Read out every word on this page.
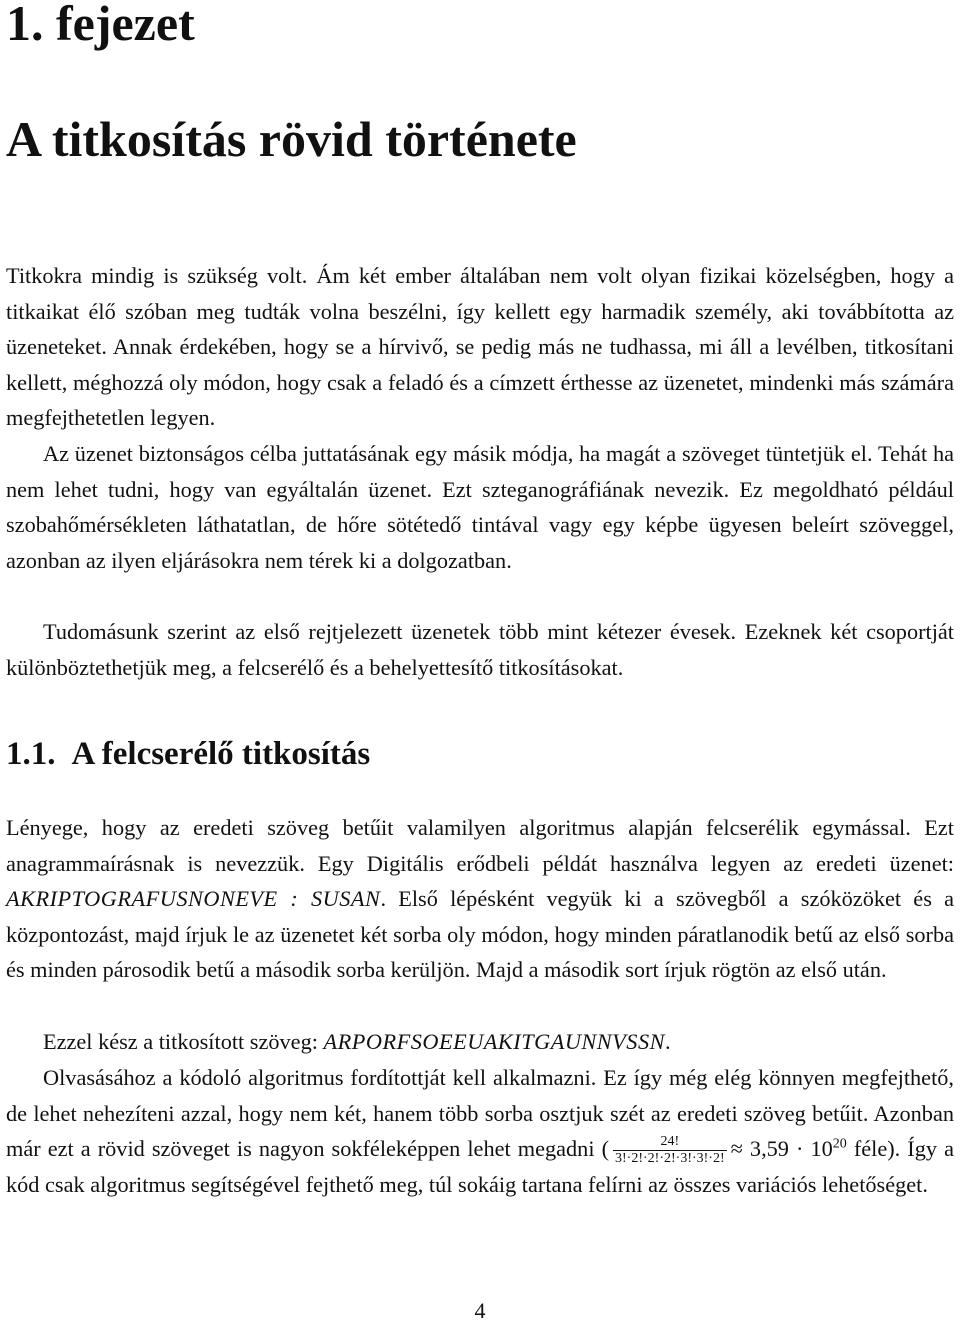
1. fejezet
A titkosítás rövid története

Titkokra mindig is szükség volt. Ám két ember általában nem volt olyan fizikai közelségben, hogy a titkaikat élő szóban meg tudták volna beszélni, így kellett egy harmadik személy, aki továbbította az üzeneteket. Annak érdekében, hogy se a hírvivő, se pedig más ne tudhassa, mi áll a levélben, titkosítani kellett, méghozzá oly módon, hogy csak a feladó és a címzett érthesse az üzenetet, mindenki más számára megfejthetetlen legyen.

Az üzenet biztonságos célba juttatásának egy másik módja, ha magát a szöveget tüntetjük el. Tehát ha nem lehet tudni, hogy van egyáltalán üzenet. Ezt szteganográfiának nevezik. Ez megoldható például szobahőmérsékleten láthatatlan, de hőre sötétedő tintával vagy egy képbe ügyesen beleírt szöveggel, azonban az ilyen eljárásokra nem térek ki a dolgozatban.

Tudomásunk szerint az első rejtjelezett üzenetek több mint kétezer évesek. Ezeknek két csoportját különböztethetjük meg, a felcserélő és a behelyettesítő titkosításokat.

1.1. A felcserélő titkosítás

Lényege, hogy az eredeti szöveg betűit valamilyen algoritmus alapján felcserélik egymással. Ezt anagrammaírásnak is nevezzük. Egy Digitális erődbeli példát használva legyen az eredeti üzenet: AKRIPTOGRAFUSNONEVE : SUSAN. Első lépésként vegyük ki a szövegből a szóközöket és a központozást, majd írjuk le az üzenetet két sorba oly módon, hogy minden páratlanodik betű az első sorba és minden párosodik betű a második sorba kerüljön. Majd a második sort írjuk rögtön az első után.

Ezzel kész a titkosított szöveg: ARPORFSOEEUAKITGAUNNVSSN.

Olvasásához a kódoló algoritmus fordítottját kell alkalmazni. Ez így még elég könnyen megfejthető, de lehet nehezíteni azzal, hogy nem két, hanem több sorba osztjuk szét az eredeti szöveg betűit. Azonban már ezt a rövid szöveget is nagyon sokféleképpen lehet megadni ( $\frac{24!}{3!\cdot 2!\cdot 2!\cdot 2!\cdot 3!\cdot 3!\cdot 2!} \approx 3,59 \cdot 10^{20}$ féle). Így a kód csak algoritmus segítségével fejthető meg, túl sokáig tartana felírni az összes variációs lehetőséget.

4
